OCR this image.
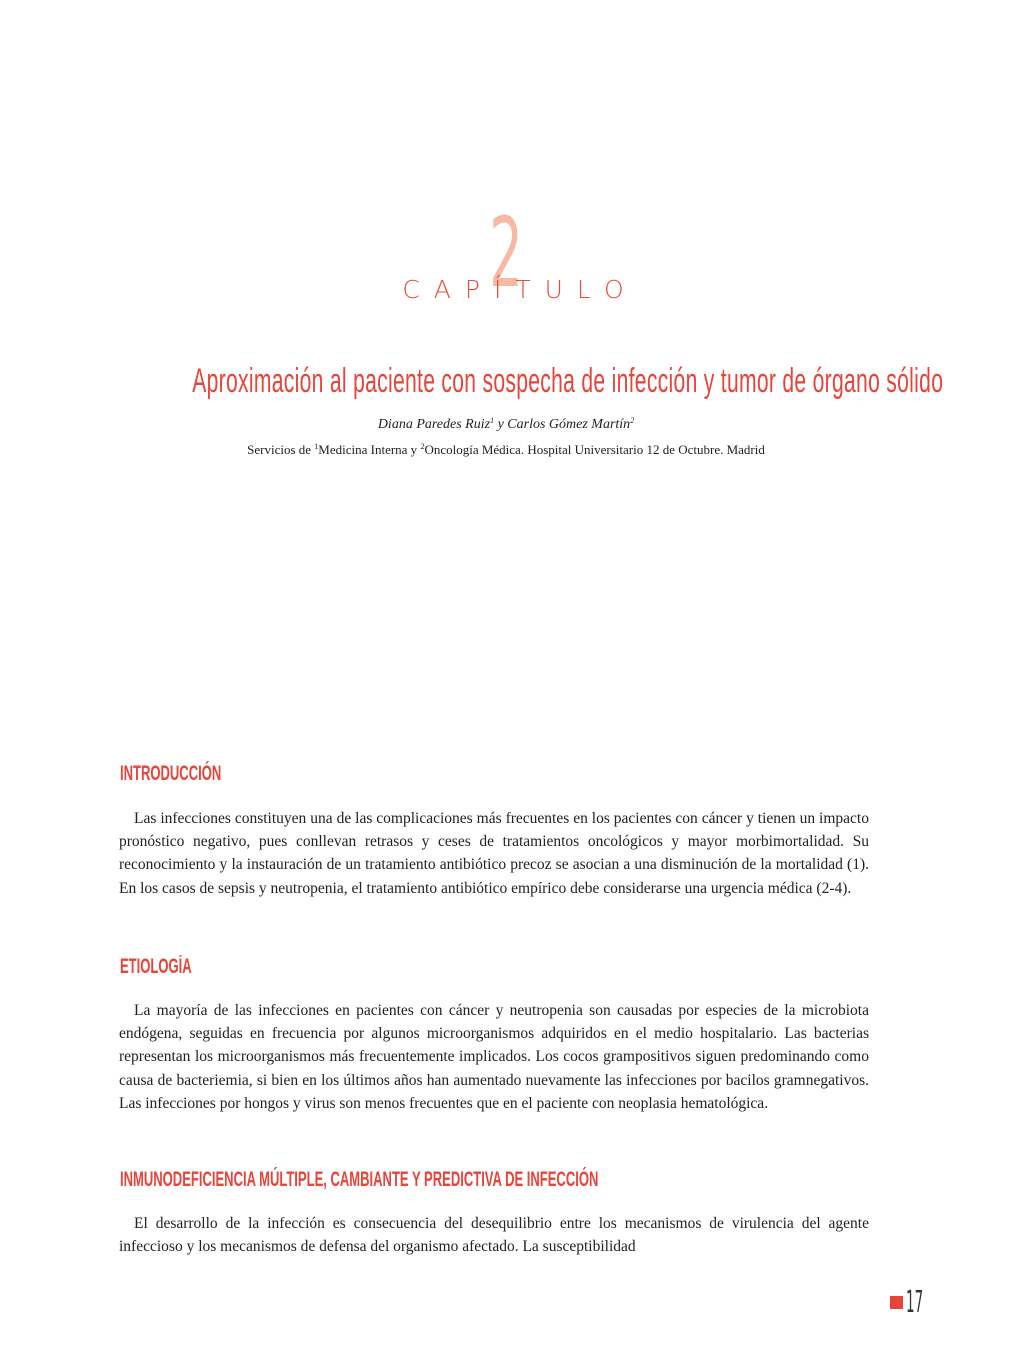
2
CAPÍTULO
Aproximación al paciente con sospecha de infección y tumor de órgano sólido
Diana Paredes Ruiz$^1$ y Carlos Gómez Martín$^2$
Servicios de $^1$Medicina Interna y $^2$Oncología Médica. Hospital Universitario 12 de Octubre. Madrid
INTRODUCCIÓN
Las infecciones constituyen una de las complicaciones más frecuentes en los pacientes con cáncer y tienen un impacto pronóstico negativo, pues conllevan retrasos y ceses de tratamientos oncológicos y mayor morbimortalidad. Su reconocimiento y la instauración de un tratamiento antibiótico precoz se asocian a una disminución de la mortalidad (1). En los casos de sepsis y neutropenia, el tratamiento antibiótico empírico debe considerarse una urgencia médica (2-4).
ETIOLOGÍA
La mayoría de las infecciones en pacientes con cáncer y neutropenia son causadas por especies de la microbiota endógena, seguidas en frecuencia por algunos microorganismos adquiridos en el medio hospitalario. Las bacterias representan los microorganismos más frecuentemente implicados. Los cocos grampositivos siguen predominando como causa de bacteriemia, si bien en los últimos años han aumentado nuevamente las infecciones por bacilos gramnegativos. Las infecciones por hongos y virus son menos frecuentes que en el paciente con neoplasia hematológica.
INMUNODEFICIENCIA MÚLTIPLE, CAMBIANTE Y PREDICTIVA DE INFECCIÓN
El desarrollo de la infección es consecuencia del desequilibrio entre los mecanismos de virulencia del agente infeccioso y los mecanismos de defensa del organismo afectado. La susceptibilidad
17
